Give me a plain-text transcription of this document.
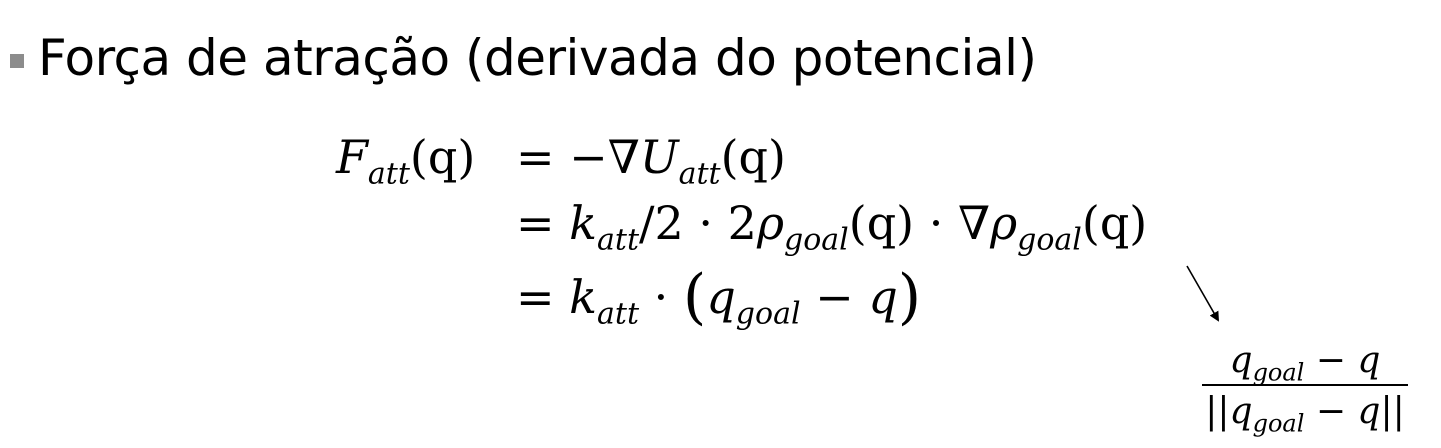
Força de atração (derivada do potencial)
$F_{att}(q) = -\nabla U_{att}(q)$
= $k_{att}/2 \cdot 2\rho_{goal}(q) \cdot \nabla\rho_{goal}(q)$
= $k_{att} \cdot (q_{goal} - q)$
$q_{goal} - q$
$||q_{goal} - q||$
